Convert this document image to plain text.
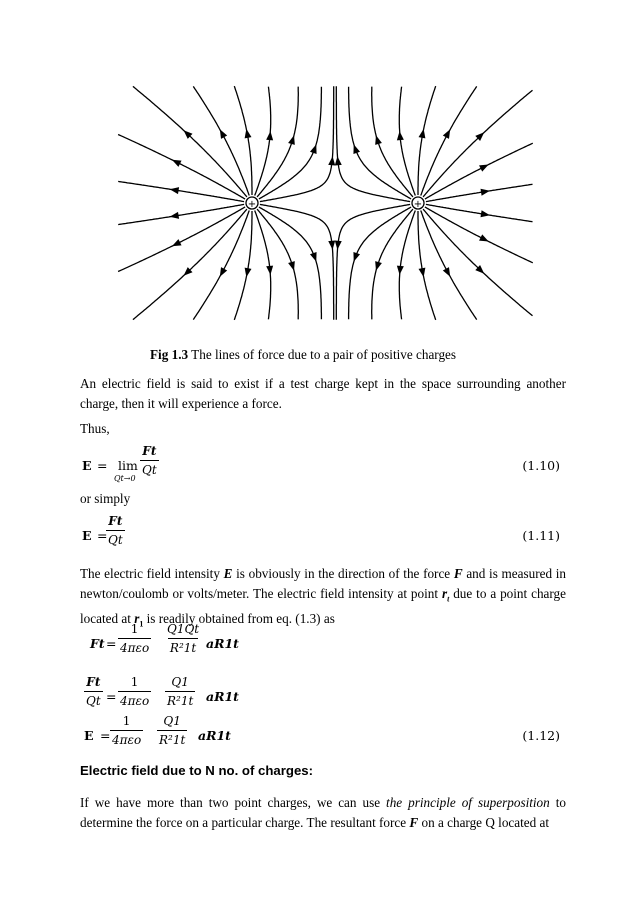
+	+
Fig 1.3 The lines of force due to a pair of positive charges
An electric field is said to exist if a test charge kept in the space surrounding another charge, then it will experience a force.
Thus,
E = lim
Qt→0
$\frac{Ft}{Qt}$	(1.10)
or simply
E =
$\frac{Ft}{Qt}$	(1.11)
The electric field intensity E is obviously in the direction of the force F and is measured in newton/coulomb or volts/meter. The electric field intensity at point $r_t$ due to a point charge located at $r_1$ is readily obtained from eq. (1.3) as
Ft =
1
$4\pi\varepsilon o \frac{Q1Qt}{\text{R²1t}} aR1t$
$\frac{Ft}{Qt}$ =
1
$4\pi\varepsilon o \frac{Q1}{\text{R²1t}} aR1t$
E =
1
$4\pi\varepsilon o \frac{Q1}{\text{R²1t}} aR1t$	(1.12)
Electric field due to N no. of charges:
If we have more than two point charges, we can use the principle of superposition to determine the force on a particular charge. The resultant force F on a charge Q located at
